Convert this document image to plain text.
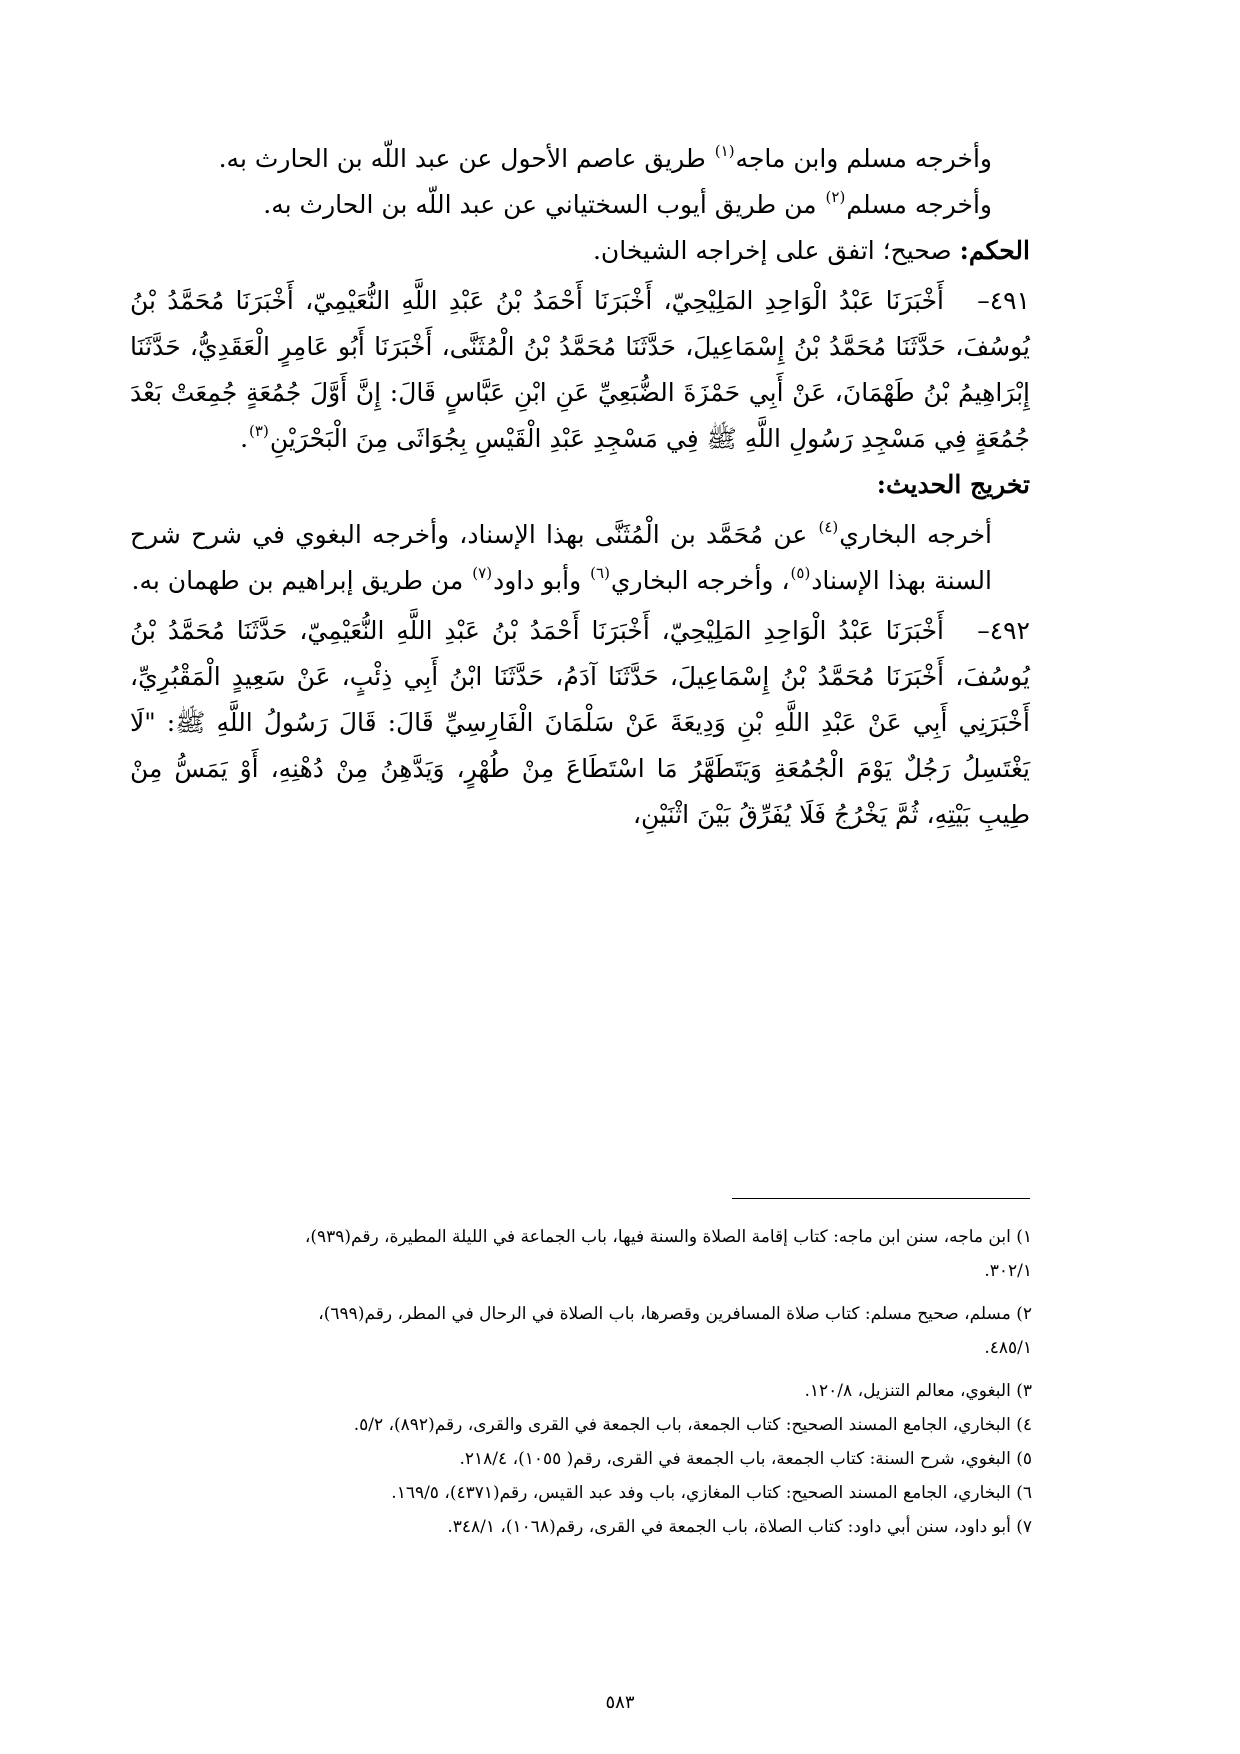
وأخرجه مسلم وابن ماجه$^{(١)}$ طريق عاصم الأحول عن عبد اللّه بن الحارث به.

وأخرجه مسلم$^{(٢)}$ من طريق أيوب السختياني عن عبد اللّه بن الحارث به.

الحكم: صحيح؛ اتفق على إخراجه الشيخان.

٤٩١–أَخْبَرَنَا عَبْدُ الْوَاحِدِ المَلِيْحِيّ، أَخْبَرَنَا أَحْمَدُ بْنُ عَبْدِ اللَّهِ النُّعَيْمِيّ، أَخْبَرَنَا مُحَمَّدُ بْنُ يُوسُفَ، حَدَّثَنَا مُحَمَّدُ بْنُ إِسْمَاعِيلَ، حَدَّثَنَا مُحَمَّدُ بْنُ الْمُثَنَّى، أَخْبَرَنَا أَبُو عَامِرٍ الْعَقَدِيُّ، حَدَّثَنَا إِبْرَاهِيمُ بْنُ طَهْمَانَ، عَنْ أَبِي حَمْزَةَ الضُّبَعِيِّ عَنِ ابْنِ عَبَّاسٍ قَالَ: إِنَّ أَوَّلَ جُمُعَةٍ جُمِعَتْ بَعْدَ جُمُعَةٍ فِي مَسْجِدِ رَسُولِ اللَّهِ ﷺ فِي مَسْجِدِ عَبْدِ الْقَيْسِ بِجُوَاثَى مِنَ الْبَحْرَيْنِ$^{(٣)}$.

تخريج الحديث:

أخرجه البخاري$^{(٤)}$ عن مُحَمَّد بن الْمُثَنَّى بهذا الإسناد، وأخرجه البغوي في شرح شرح السنة بهذا الإسناد$^{(٥)}$، وأخرجه البخاري$^{(٦)}$ وأبو داود$^{(٧)}$ من طريق إبراهيم بن طهمان به.

٤٩٢–أَخْبَرَنَا عَبْدُ الْوَاحِدِ المَلِيْحِيّ، أَخْبَرَنَا أَحْمَدُ بْنُ عَبْدِ اللَّهِ النُّعَيْمِيّ، حَدَّثَنَا مُحَمَّدُ بْنُ يُوسُفَ، أَخْبَرَنَا مُحَمَّدُ بْنُ إِسْمَاعِيلَ، حَدَّثَنَا آدَمُ، حَدَّثَنَا ابْنُ أَبِي ذِئْبٍ، عَنْ سَعِيدٍ الْمَقْبُرِيِّ، أَخْبَرَنِي أَبِي عَنْ عَبْدِ اللَّهِ بْنِ وَدِيعَةَ عَنْ سَلْمَانَ الْفَارِسِيِّ قَالَ: قَالَ رَسُولُ اللَّهِ ﷺ: "لَا يَغْتَسِلُ رَجُلٌ يَوْمَ الْجُمُعَةِ وَيَتَطَهَّرُ مَا اسْتَطَاعَ مِنْ طُهْرٍ، وَيَدَّهِنُ مِنْ دُهْنِهِ، أَوْ يَمَسُّ مِنْ طِيبِ بَيْتِهِ، ثُمَّ يَخْرُجُ فَلَا يُفَرِّقُ بَيْنَ اثْنَيْنِ،

١) ابن ماجه، سنن ابن ماجه: كتاب إقامة الصلاة والسنة فيها، باب الجماعة في الليلة المطيرة، رقم(٩٣٩)،

٣٠٢/١.

٢) مسلم، صحيح مسلم: كتاب صلاة المسافرين وقصرها، باب الصلاة في الرحال في المطر، رقم(٦٩٩)،

٤٨٥/١.

٣) البغوي، معالم التنزيل، ١٢٠/٨.

٤) البخاري، الجامع المسند الصحيح: كتاب الجمعة، باب الجمعة في القرى والقرى، رقم(٨٩٢)، ٥/٢.

٥) البغوي، شرح السنة: كتاب الجمعة، باب الجمعة في القرى، رقم( ١٠٥٥)، ٢١٨/٤.

٦) البخاري، الجامع المسند الصحيح: كتاب المغازي، باب وفد عبد القيس، رقم(٤٣٧١)، ١٦٩/٥.

٧) أبو داود، سنن أبي داود: كتاب الصلاة، باب الجمعة في القرى، رقم(١٠٦٨)، ٣٤٨/١.

٥٨٣
